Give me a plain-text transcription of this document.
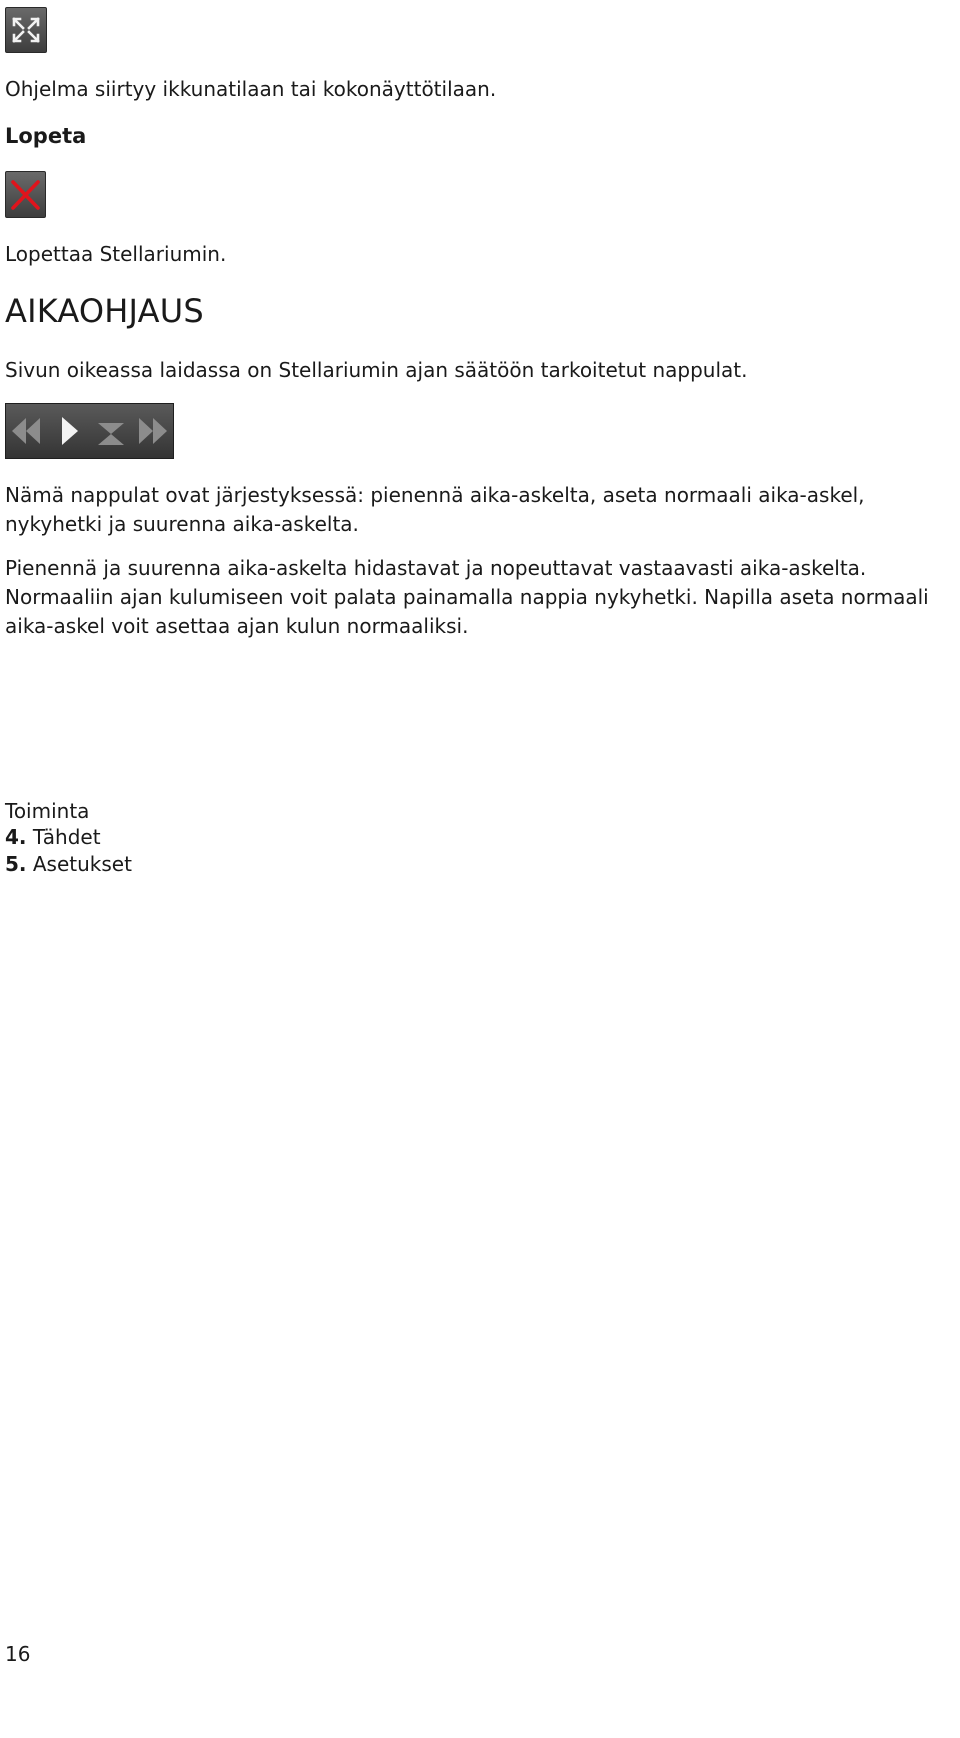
Ohjelma siirtyy ikkunatilaan tai kokonäyttötilaan.
Lopeta
Lopettaa Stellariumin.
AIKAOHJAUS
Sivun oikeassa laidassa on Stellariumin ajan säätöön tarkoitetut nappulat.
Nämä nappulat ovat järjestyksessä: pienennä aika-askelta, aseta normaali aika-askel, nykyhetki ja suurenna aika-askelta.
Pienennä ja suurenna aika-askelta hidastavat ja nopeuttavat vastaavasti aika-askelta. Normaaliin ajan kulumiseen voit palata painamalla nappia nykyhetki. Napilla aseta normaali aika-askel voit asettaa ajan kulun normaaliksi.
Toiminta
4. Tähdet
5. Asetukset
16
